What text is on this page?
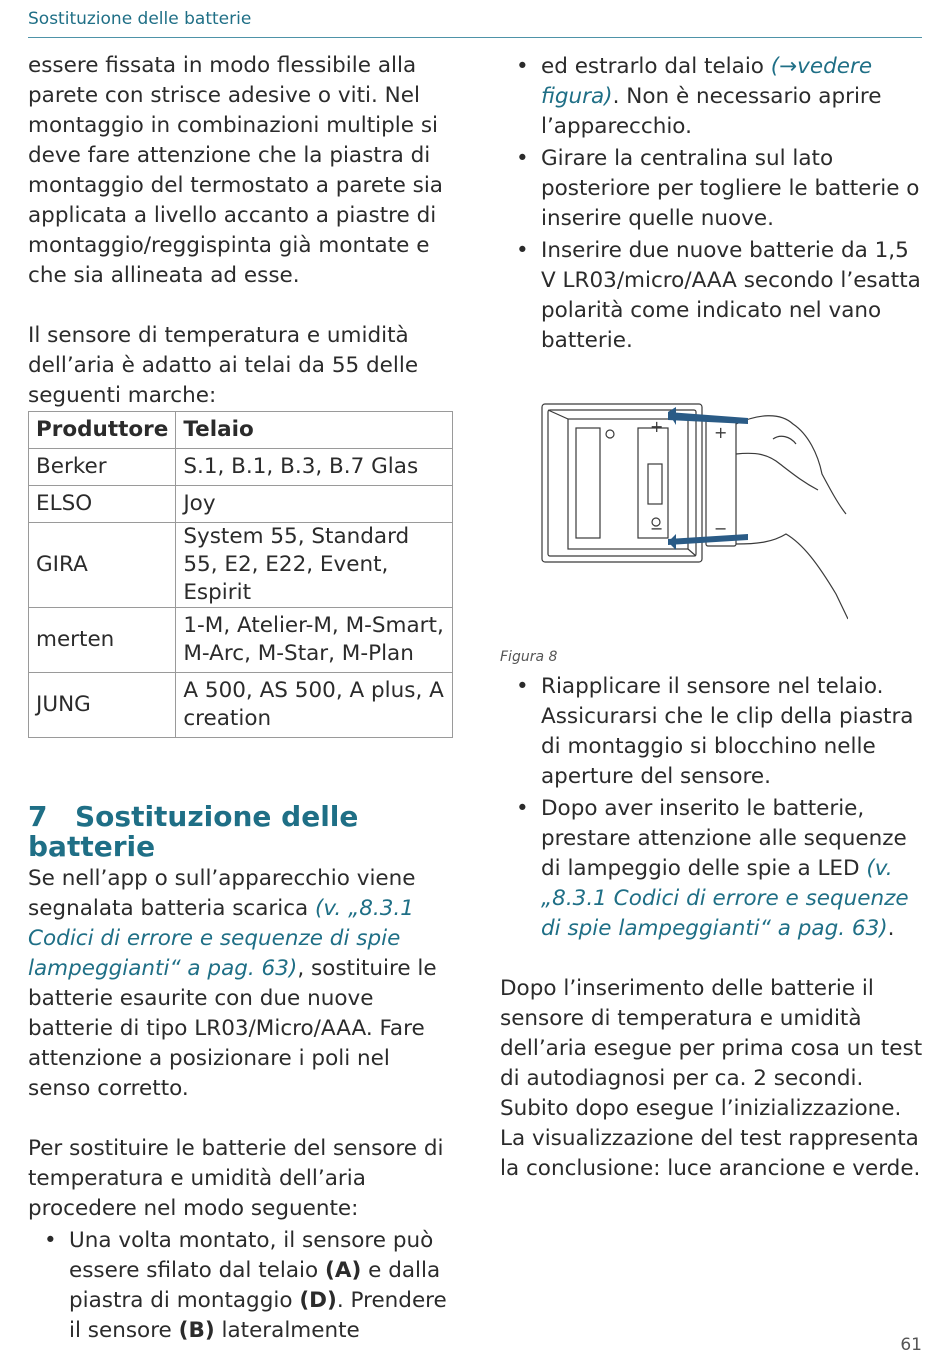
Sostituzione delle batterie

essere fissata in modo flessibile alla parete con strisce adesive o viti. Nel montaggio in combinazioni multiple si deve fare attenzione che la piastra di montaggio del termostato a parete sia applicata a livello accanto a piastre di montaggio/reggispinta già montate e che sia allineata ad esse.

Il sensore di temperatura e umidità dell’aria è adatto ai telai da 55 delle seguenti marche:

Produttore	Telaio
Berker	S.1, B.1, B.3, B.7 Glas
ELSO	Joy
GIRA	System 55, Standard 55, E2, E22, Event, Espirit
merten	1-M, Atelier-M, M-Smart, M-Arc, M-Star, M-Plan
JUNG	A 500, AS 500, A plus, A creation
7 Sostituzione delle batterie

Se nell’app o sull’apparecchio viene segnalata batteria scarica (v. „8.3.1 Codici di errore e sequenze di spie lampeggianti“ a pag. 63), sostituire le batterie esaurite con due nuove batterie di tipo LR03/Micro/AAA. Fare attenzione a posizionare i poli nel senso corretto.

Per sostituire le batterie del sensore di temperatura e umidità dell’aria procedere nel modo seguente:

• Una volta montato, il sensore può essere sfilato dal telaio (A) e dalla piastra di montaggio (D). Prendere il sensore (B) lateralmente
• ed estrarlo dal telaio (→vedere figura). Non è necessario aprire l’apparecchio.
• Girare la centralina sul lato posteriore per togliere le batterie o inserire quelle nuove.
• Inserire due nuove batterie da 1,5 V LR03/micro/AAA secondo l’esatta polarità come indicato nel vano batterie.
+	+
−	−
Figura 8
• Riapplicare il sensore nel telaio. Assicurarsi che le clip della piastra di montaggio si blocchino nelle aperture del sensore.
• Dopo aver inserito le batterie, prestare attenzione alle sequenze di lampeggio delle spie a LED (v. „8.3.1 Codici di errore e sequenze di spie lampeggianti“ a pag. 63).

Dopo l’inserimento delle batterie il sensore di temperatura e umidità dell’aria esegue per prima cosa un test di autodiagnosi per ca. 2 secondi. Subito dopo esegue l’inizializzazione. La visualizzazione del test rappresenta la conclusione: luce arancione e verde.

61
